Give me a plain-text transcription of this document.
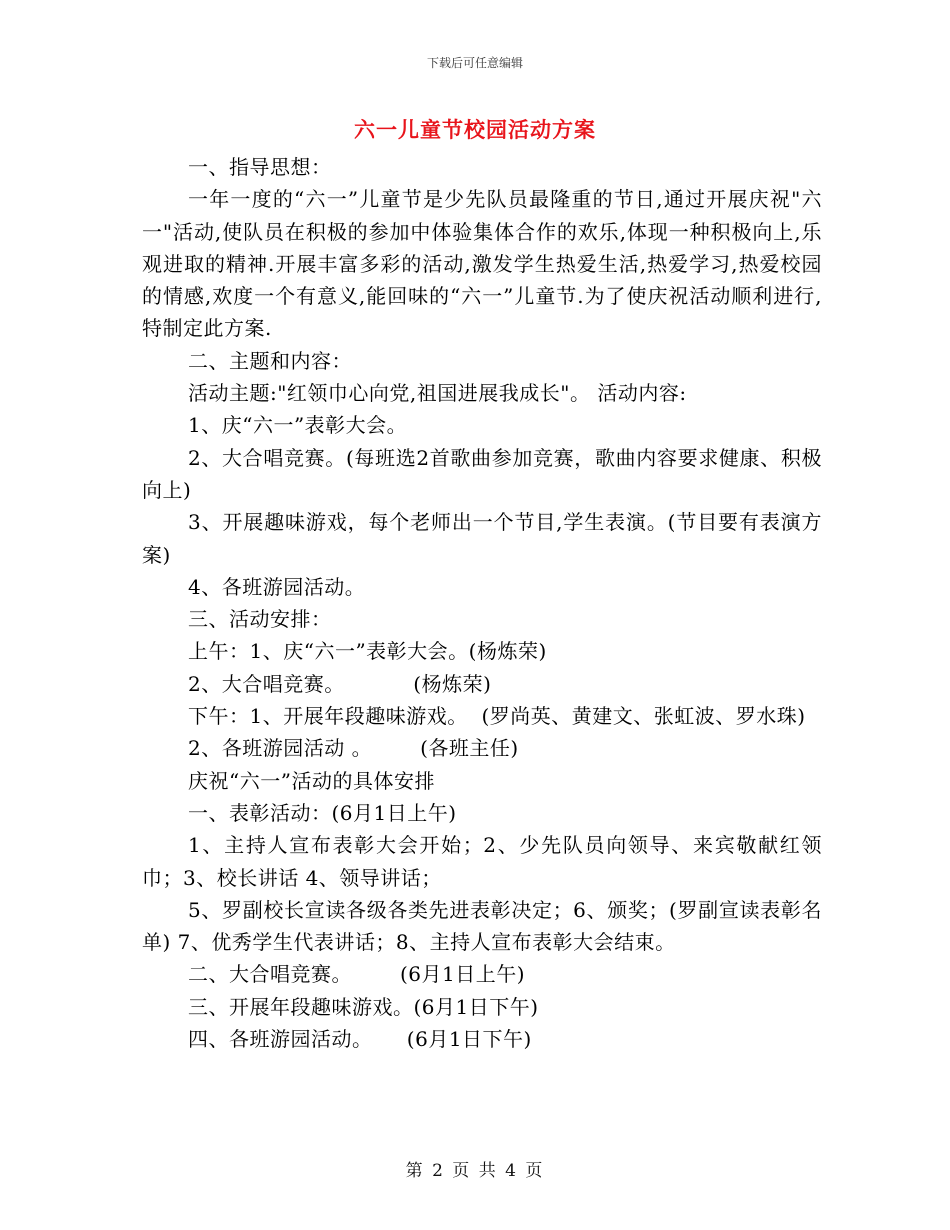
下载后可任意编辑
六一儿童节校园活动方案

一、指导思想：

一年一度的“六一”儿童节是少先队员最隆重的节日,通过开展庆祝"六一"活动,使队员在积极的参加中体验集体合作的欢乐,体现一种积极向上,乐观进取的精神.开展丰富多彩的活动,激发学生热爱生活,热爱学习,热爱校园的情感,欢度一个有意义,能回味的“六一”儿童节.为了使庆祝活动顺利进行,特制定此方案.

二、主题和内容：

活动主题:"红领巾心向党,祖国进展我成长"。 活动内容:

1、庆“六一”表彰大会。

2、大合唱竞赛。(每班选2首歌曲参加竞赛，歌曲内容要求健康、积极向上)

3、开展趣味游戏，每个老师出一个节目,学生表演。(节目要有表演方案)

4、各班游园活动。

三、活动安排：

上午：1、庆“六一”表彰大会。(杨炼荣)

2、大合唱竞赛。          (杨炼荣)

下午：1、开展年段趣味游戏。  (罗尚英、黄建文、张虹波、罗水珠)

2、各班游园活动 。       (各班主任)

庆祝“六一”活动的具体安排

一、表彰活动：(6月1日上午)

1、主持人宣布表彰大会开始；2、少先队员向领导、来宾敬献红领巾；3、校长讲话 4、领导讲话；

5、罗副校长宣读各级各类先进表彰决定；6、颁奖；(罗副宣读表彰名单) 7、优秀学生代表讲话；8、主持人宣布表彰大会结束。

二、大合唱竞赛。       (6月1日上午)

三、开展年段趣味游戏。(6月1日下午)

四、各班游园活动。     (6月1日下午)

第 2 页 共 4 页
